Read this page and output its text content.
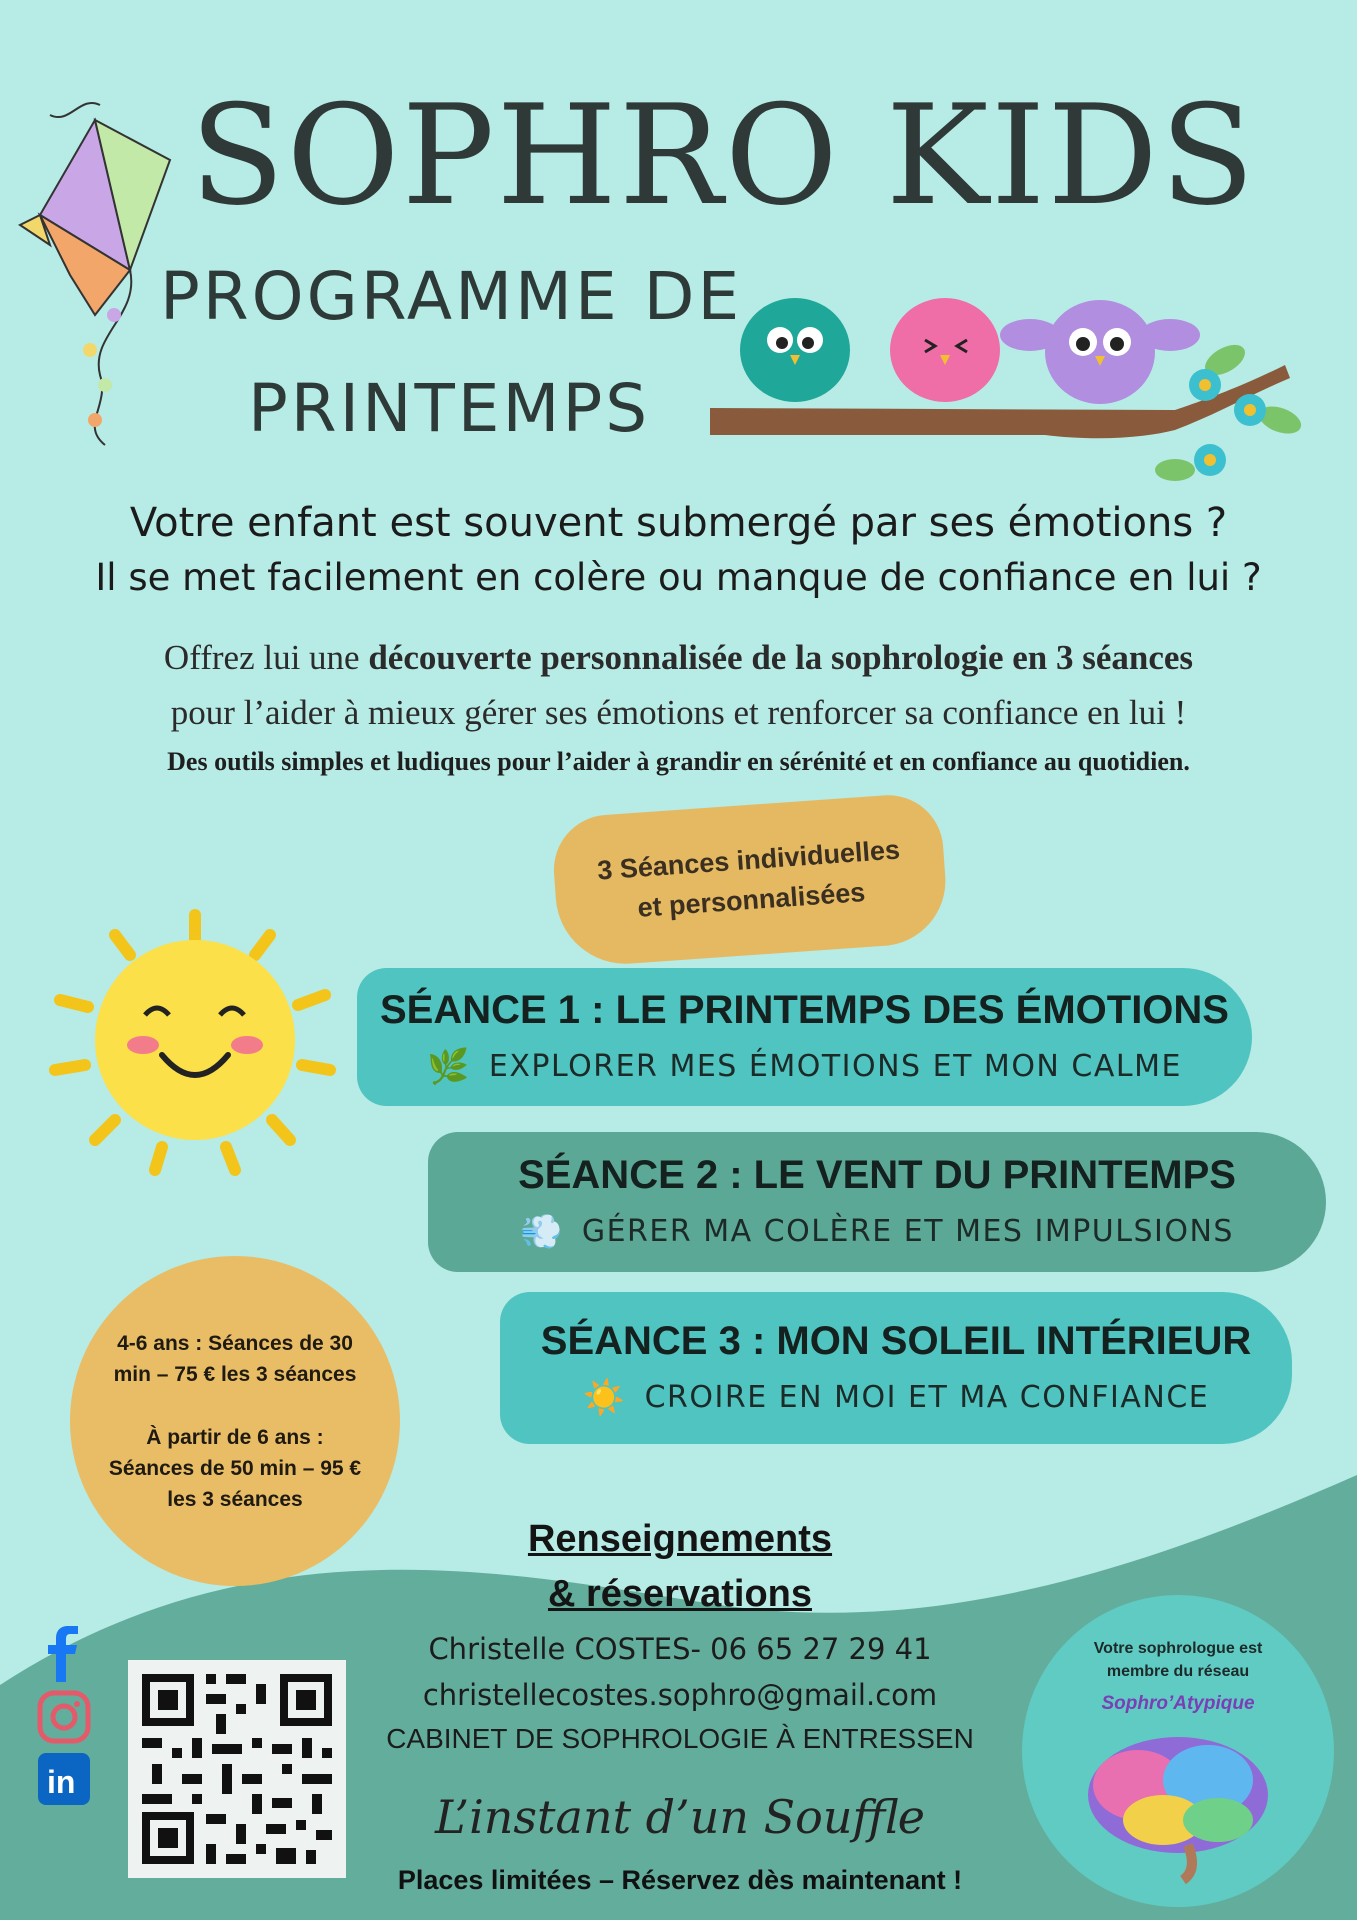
SOPHRO KIDS
PROGRAMME DE
PRINTEMPS
Votre enfant est souvent submergé par ses émotions ?
Il se met facilement en colère ou manque de confiance en lui ?
Offrez lui une découverte personnalisée de la sophrologie en 3 séances
pour l’aider à mieux gérer ses émotions et renforcer sa confiance en lui !
Des outils simples et ludiques pour l’aider à grandir en sérénité et en confiance au quotidien.
3 Séances individuelles
et personnalisées
SÉANCE 1 : LE PRINTEMPS DES ÉMOTIONS
🌿 EXPLORER MES ÉMOTIONS ET MON CALME
SÉANCE 2 : LE VENT DU PRINTEMPS
💨 GÉRER MA COLÈRE ET MES IMPULSIONS
SÉANCE 3 : MON SOLEIL INTÉRIEUR
☀️ CROIRE EN MOI ET MA CONFIANCE

4-6 ans : Séances de 30

min – 75 € les 3 séances

À partir de 6 ans :

Séances de 50 min – 95 €

les 3 séances

Renseignements
& réservations
Christelle COSTES- 06 65 27 29 41
christellecostes.sophro@gmail.com
CABINET DE SOPHROLOGIE À ENTRESSEN
L’instant d’un Souffle
Places limitées – Réservez dès maintenant !
in
Votre sophrologue est
membre du réseau
Sophro’Atypique
